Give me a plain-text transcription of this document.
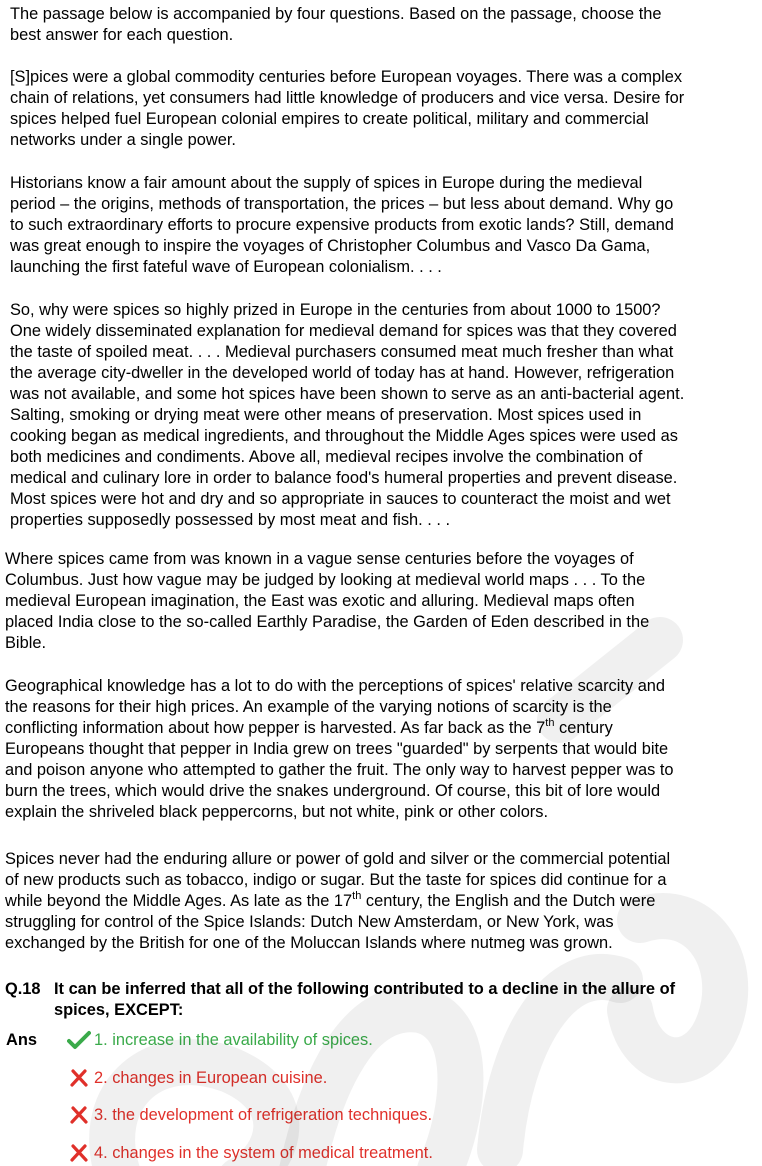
The passage below is accompanied by four questions. Based on the passage, choose the
best answer for each question.

[S]pices were a global commodity centuries before European voyages. There was a complex
chain of relations, yet consumers had little knowledge of producers and vice versa. Desire for
spices helped fuel European colonial empires to create political, military and commercial
networks under a single power.

Historians know a fair amount about the supply of spices in Europe during the medieval
period – the origins, methods of transportation, the prices – but less about demand. Why go
to such extraordinary efforts to procure expensive products from exotic lands? Still, demand
was great enough to inspire the voyages of Christopher Columbus and Vasco Da Gama,
launching the first fateful wave of European colonialism. . . .

So, why were spices so highly prized in Europe in the centuries from about 1000 to 1500?
One widely disseminated explanation for medieval demand for spices was that they covered
the taste of spoiled meat. . . . Medieval purchasers consumed meat much fresher than what
the average city-dweller in the developed world of today has at hand. However, refrigeration
was not available, and some hot spices have been shown to serve as an anti-bacterial agent.
Salting, smoking or drying meat were other means of preservation. Most spices used in
cooking began as medical ingredients, and throughout the Middle Ages spices were used as
both medicines and condiments. Above all, medieval recipes involve the combination of
medical and culinary lore in order to balance food's humeral properties and prevent disease.
Most spices were hot and dry and so appropriate in sauces to counteract the moist and wet
properties supposedly possessed by most meat and fish. . . .

Where spices came from was known in a vague sense centuries before the voyages of
Columbus. Just how vague may be judged by looking at medieval world maps . . . To the
medieval European imagination, the East was exotic and alluring. Medieval maps often
placed India close to the so-called Earthly Paradise, the Garden of Eden described in the
Bible.

Geographical knowledge has a lot to do with the perceptions of spices' relative scarcity and
the reasons for their high prices. An example of the varying notions of scarcity is the
conflicting information about how pepper is harvested. As far back as the 7th century
Europeans thought that pepper in India grew on trees "guarded" by serpents that would bite
and poison anyone who attempted to gather the fruit. The only way to harvest pepper was to
burn the trees, which would drive the snakes underground. Of course, this bit of lore would
explain the shriveled black peppercorns, but not white, pink or other colors.

Spices never had the enduring allure or power of gold and silver or the commercial potential
of new products such as tobacco, indigo or sugar. But the taste for spices did continue for a
while beyond the Middle Ages. As late as the 17th century, the English and the Dutch were
struggling for control of the Spice Islands: Dutch New Amsterdam, or New York, was
exchanged by the British for one of the Moluccan Islands where nutmeg was grown.

Q.18 It can be inferred that all of the following contributed to a decline in the allure of
spices, EXCEPT:
Ans	1. increase in the availability of spices.
2. changes in European cuisine.
3. the development of refrigeration techniques.
4. changes in the system of medical treatment.
